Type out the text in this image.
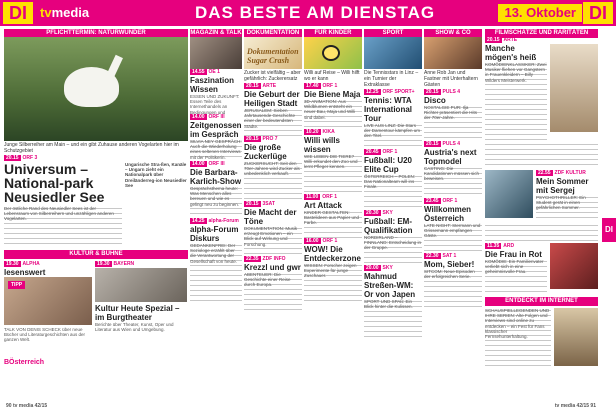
DI	tvmedia	DAS BESTE AM DIENSTAG	13. Oktober DI
PFLICHTTERMIN: NATURWUNDER
Junge Silberreiher am Main – und ein gibt Zuhause anderen Vogelarten hier im Schutzgebiet
20.15 ORF 3
Universum – National-park Neusiedler See
Der östliche Rand des Neusiedler Sees ist der Lebensraum von Silberreihern und unzähligen anderen Vogelarten.
Ungarische Stra-ßen, Kanäle – Ungarn zieht ein Nationalpark über Dreiländerreg-ion Neusiedler See
KULTUR & BÜHNE
19.30 ALPHA
lesenswert
TIPP
TALK VON DENIS SCHECK über neue Bücher und Literaturgeschichten aus der ganzen Welt.
BÖsterreich
19.30 BAYERN
Kultur Heute Spezial – im Burgtheater
Berichte über Theater, Kunst, Oper und Literatur aus Wien und Umgebung.
90 tv media 42/15
MAGAZIN & TALK
14.55 OE 1
Faszination Wissen
ESSEN UND ZUKUNFT: Essen Teile des Internethandels an Bedingungen und
14.00 ORF III
Zeitgenossen im Gespräch
SILVIA NEY GESPRÄCH: Auch die Wiederholung eines seltenen Interviews mit der Politikerin.
14.00 ORF III
Die Barbara-Karlich-Show
Gesprächsthema heute: Was Menschen alles bereuen und wie es gelingt neu zu beginnen.
14.25 alpha-Forum
alpha-Forum Diskurs
GEDANKENFREI: Der Soziologe erzählt über die Verantwortung der Gesellschaft von heute.
DOKUMENTATION
Dokumentation Sugar Crash
Zucker ist vielfältig – aber gefährlich: Zuckerersatz
20.15 ARTE
Die Geburt der Heiligen Stadt
JERUSALEM: Sieben Jahrtausende Geschichte einer der bedeutendsten Städte.
20.15 PRO 7
Die große Zuckerlüge
ZUCKERSUCHT: Seit den 70er-Jahren wird Zucker als unbedenklich verkauft.
20.15 3SAT
Die Macht der Töne
DOKUMENTATION: Musik erzeugt Emotionen – ein Blick auf Wirkung und Forschung.
22.35 ZDF INFO
Krezzl und gwr
ABENTEUER: Die Geschichte einer Reise durch Europa.
FÜR KINDER
Willi auf Reise – Willi hilft wo er kann
17.40 ORF 1
Die Biene Maja
3D-ANIMATION: Aus Wildblumen entsteht ein neuer Bau, Maja und Willi sind dabei.
10.20 KIKA
Willi wills wissen
WIE LEBEN DIE TIERE? Willi erkundet den Zoo und lernt Pfleger kennen.
11.00 ORF 1
Art Attack
KINDER GESTALTEN: Bastelideen aus Papier und Farbe.
16.00 ORF 1
WOW! Die Entdeckerzone
WISSEN: Forscher zeigen Experimente für junge Zuschauer.
SPORT
Die Tennisstars in Linz – ein Turnier der Extraklasse
12.25 ORF SPORT+
Tennis: WTA International Tour
LIVE AUS LINZ: Die Stars der Damentour kämpfen um den Titel.
20.45 ORF 1
Fußball: U20 Elite Cup
ÖSTERREICH – POLEN: Das Nationalteam will ins Finale.
20.30 SKY
Fußball: EM-Qualifikation
NORDIRLAND – FINNLAND: Entscheidung in der Gruppe.
20.00 SKY
Mahmud Streßen-WM: Or von Japen
SPORT UND SPAß: Ein Blick hinter die Kulissen.
SHOW & CO
Anne Rob Jan und Fastner mit Unterhaltern Gästen
20.15 PULS 4
Disco
NOSTALGIE PUR: Ilja Richter präsentiert die Hits der 70er-Jahre.
20.15 PULS 4
Austria's next Topmodel
CASTING: Die Kandidatinnen müssen sich beweisen.
23.45 ORF 1
Willkommen Österreich
LATE NIGHT: Stermann und Grissemann empfangen Gäste.
22.30 SAT 1
Mom, Sieber!
SITCOM: Neue Episoden der erfolgreichen Serie.
FILMSCHÄTZE UND RARITÄTEN
20.15 ARTE
Manche mögen's heiß
KOMÖDIENKLASSIKER: Zwei Musiker fliehen vor Gangstern in Frauenkleidern – Billy Wilders Meisterwerk.
22.55 ZDF KULTUR
Mein Sommer mit Sergej
PSYCHOTHRILLER: Ein Student gerät in einen gefährlichen Sommer.
11.35 ARD
Die Frau in Rot
KOMÖDIE: Ein Familienvater verliebt sich in eine geheimnisvolle Frau.
ENTDECKT IM INTERNET
SCHAUSPIELLEGENDEN UND IHRE SERIEN: Alte Folgen und Interviews sind online zu entdecken – ein Fest für Fans klassischer Fernsehunterhaltung.
DI
tv media 42/15 91
